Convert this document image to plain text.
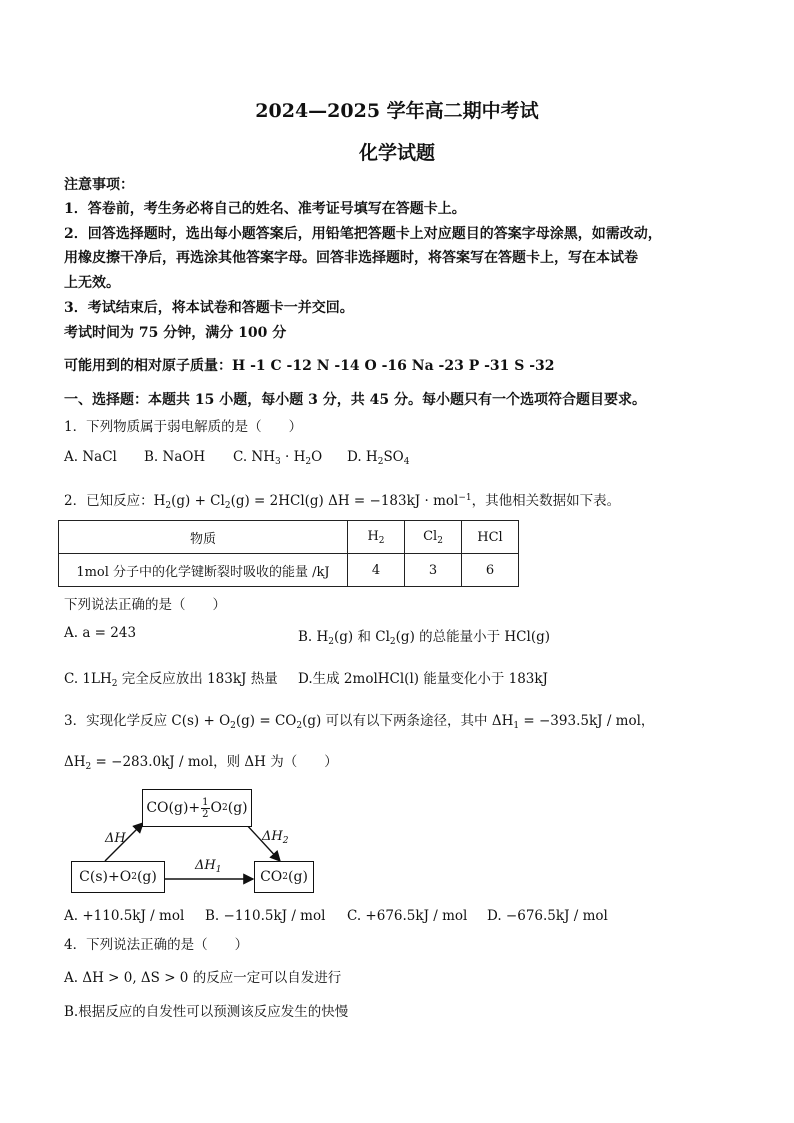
2024—2025 学年高二期中考试
化学试题
注意事项：
1．答卷前，考生务必将自己的姓名、准考证号填写在答题卡上。
2．回答选择题时，选出每小题答案后，用铅笔把答题卡上对应题目的答案字母涂黑，如需改动，
用橡皮擦干净后，再选涂其他答案字母。回答非选择题时，将答案写在答题卡上，写在本试卷
上无效。
3．考试结束后，将本试卷和答题卡一并交回。
考试时间为 75 分钟，满分 100 分
可能用到的相对原子质量：H -1 C -12 N -14 O -16 Na -23 P -31 S -32
一、选择题：本题共 15 小题，每小题 3 分，共 45 分。每小题只有一个选项符合题目要求。
1．下列物质属于弱电解质的是（　　）
A. NaCl B. NaOH C. $NH_3 \cdot H_2O$ D. $H_2SO_4$
2．已知反应：$H_2(g) + Cl_2(g) = 2HCl(g) \Delta H = -183kJ \cdot mol^{-1}$，其他相关数据如下表。
物质	$H_2$	$Cl_2$	HCl
1mol 分子中的化学键断裂时吸收的能量 /kJ	4	3	6
下列说法正确的是（　　）
A. a = 243	B. $H_2(g)$ 和 $Cl_2(g)$ 的总能量小于 HCl(g)
C. $1LH_2$ 完全反应放出 183kJ 热量 D.生成 2molHCl(l) 能量变化小于 183kJ
3．实现化学反应 $C(s) + O_2(g) = CO_2(g)$ 可以有以下两条途径，其中 $\Delta H_1 = -393.5kJ$ / mol，
$\Delta H_2 = -283.0kJ$ / mol，则 ΔH 为（　　）
$CO(g)+ \frac{1}{2}$ O 2 (g)
C(s)+O 2 (g)	CO 2 (g)
ΔH	$\Delta H_2$
$\Delta H_1$
A. +110.5kJ / mol B. −110.5kJ / mol C. +676.5kJ / mol D. −676.5kJ / mol
4．下列说法正确的是（　　）
A. ΔH > 0, ΔS > 0 的反应一定可以自发进行
B.根据反应的自发性可以预测该反应发生的快慢
